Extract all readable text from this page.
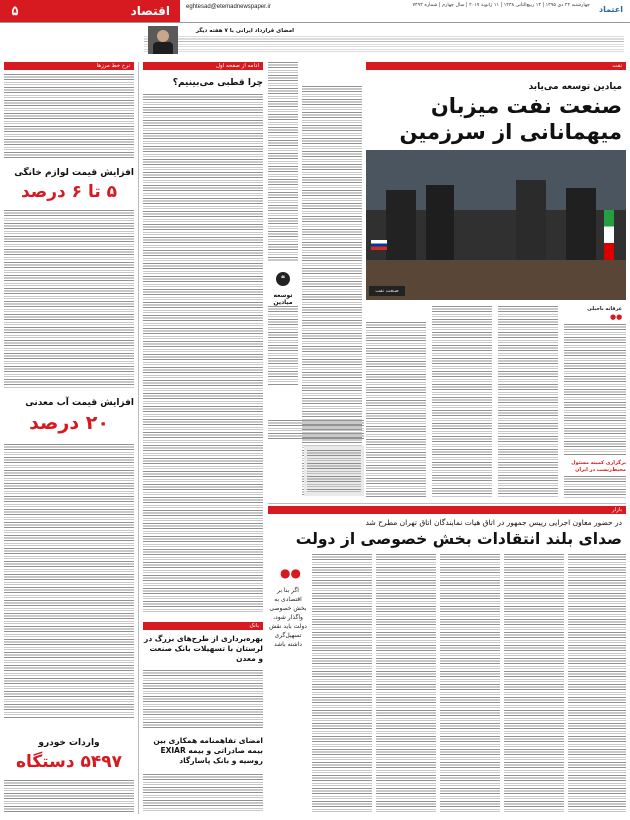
۵	اقتصاد	eghtesad@etemadnewspaper.ir	چهارشنبه ۲۲ دی ۱۳۹۵ | ۱۴ ربیع‌الثانی ۱۴۳۸ | ۱۱ ژانویه ۲۰۱۷ | سال چهارم | شماره ۷۴۹۴	اعتماد
امضای قرارداد ایرانی با ۷ هفته دیگر
نرخ خط مرز‌ها
افزایش قیمت لوازم خانگی
۵ تا ۶ درصد
افزایش قیمت آب معدنی
۲۰ درصد
واردات خودرو
۵۴۹۷ دستگاه
ادامه از صفحه اول
چرا قطبی می‌بینیم؟
بانک
بهره‌برداری از طرح‌های بزرگ در لرستان با تسهیلات بانک صنعت و معدن
امضای تفاهمنامه همکاری بین بیمه صادراتی و بیمه EXIAR روسیه و بانک پاسارگاد
❝
توسعه میادین
نفت
میادین توسعه می‌یابد
صنعت نفت میزبان
میهمانانی از سرزمین
صنعت نفت
عرفانه باجبلی
●●
برگزاری کمیته مسئول محیط‌زیست در ایران
بازار
در حضور معاون اجرایی رییس جمهور در اتاق هیات نمایندگان اتاق تهران مطرح شد
صدای بلند انتقادات بخش خصوصی از دولت
●●
اگر بنا بر اقتصادی به بخش خصوصی واگذار شود، دولت باید نقش تسهیل‌گری داشته باشد
